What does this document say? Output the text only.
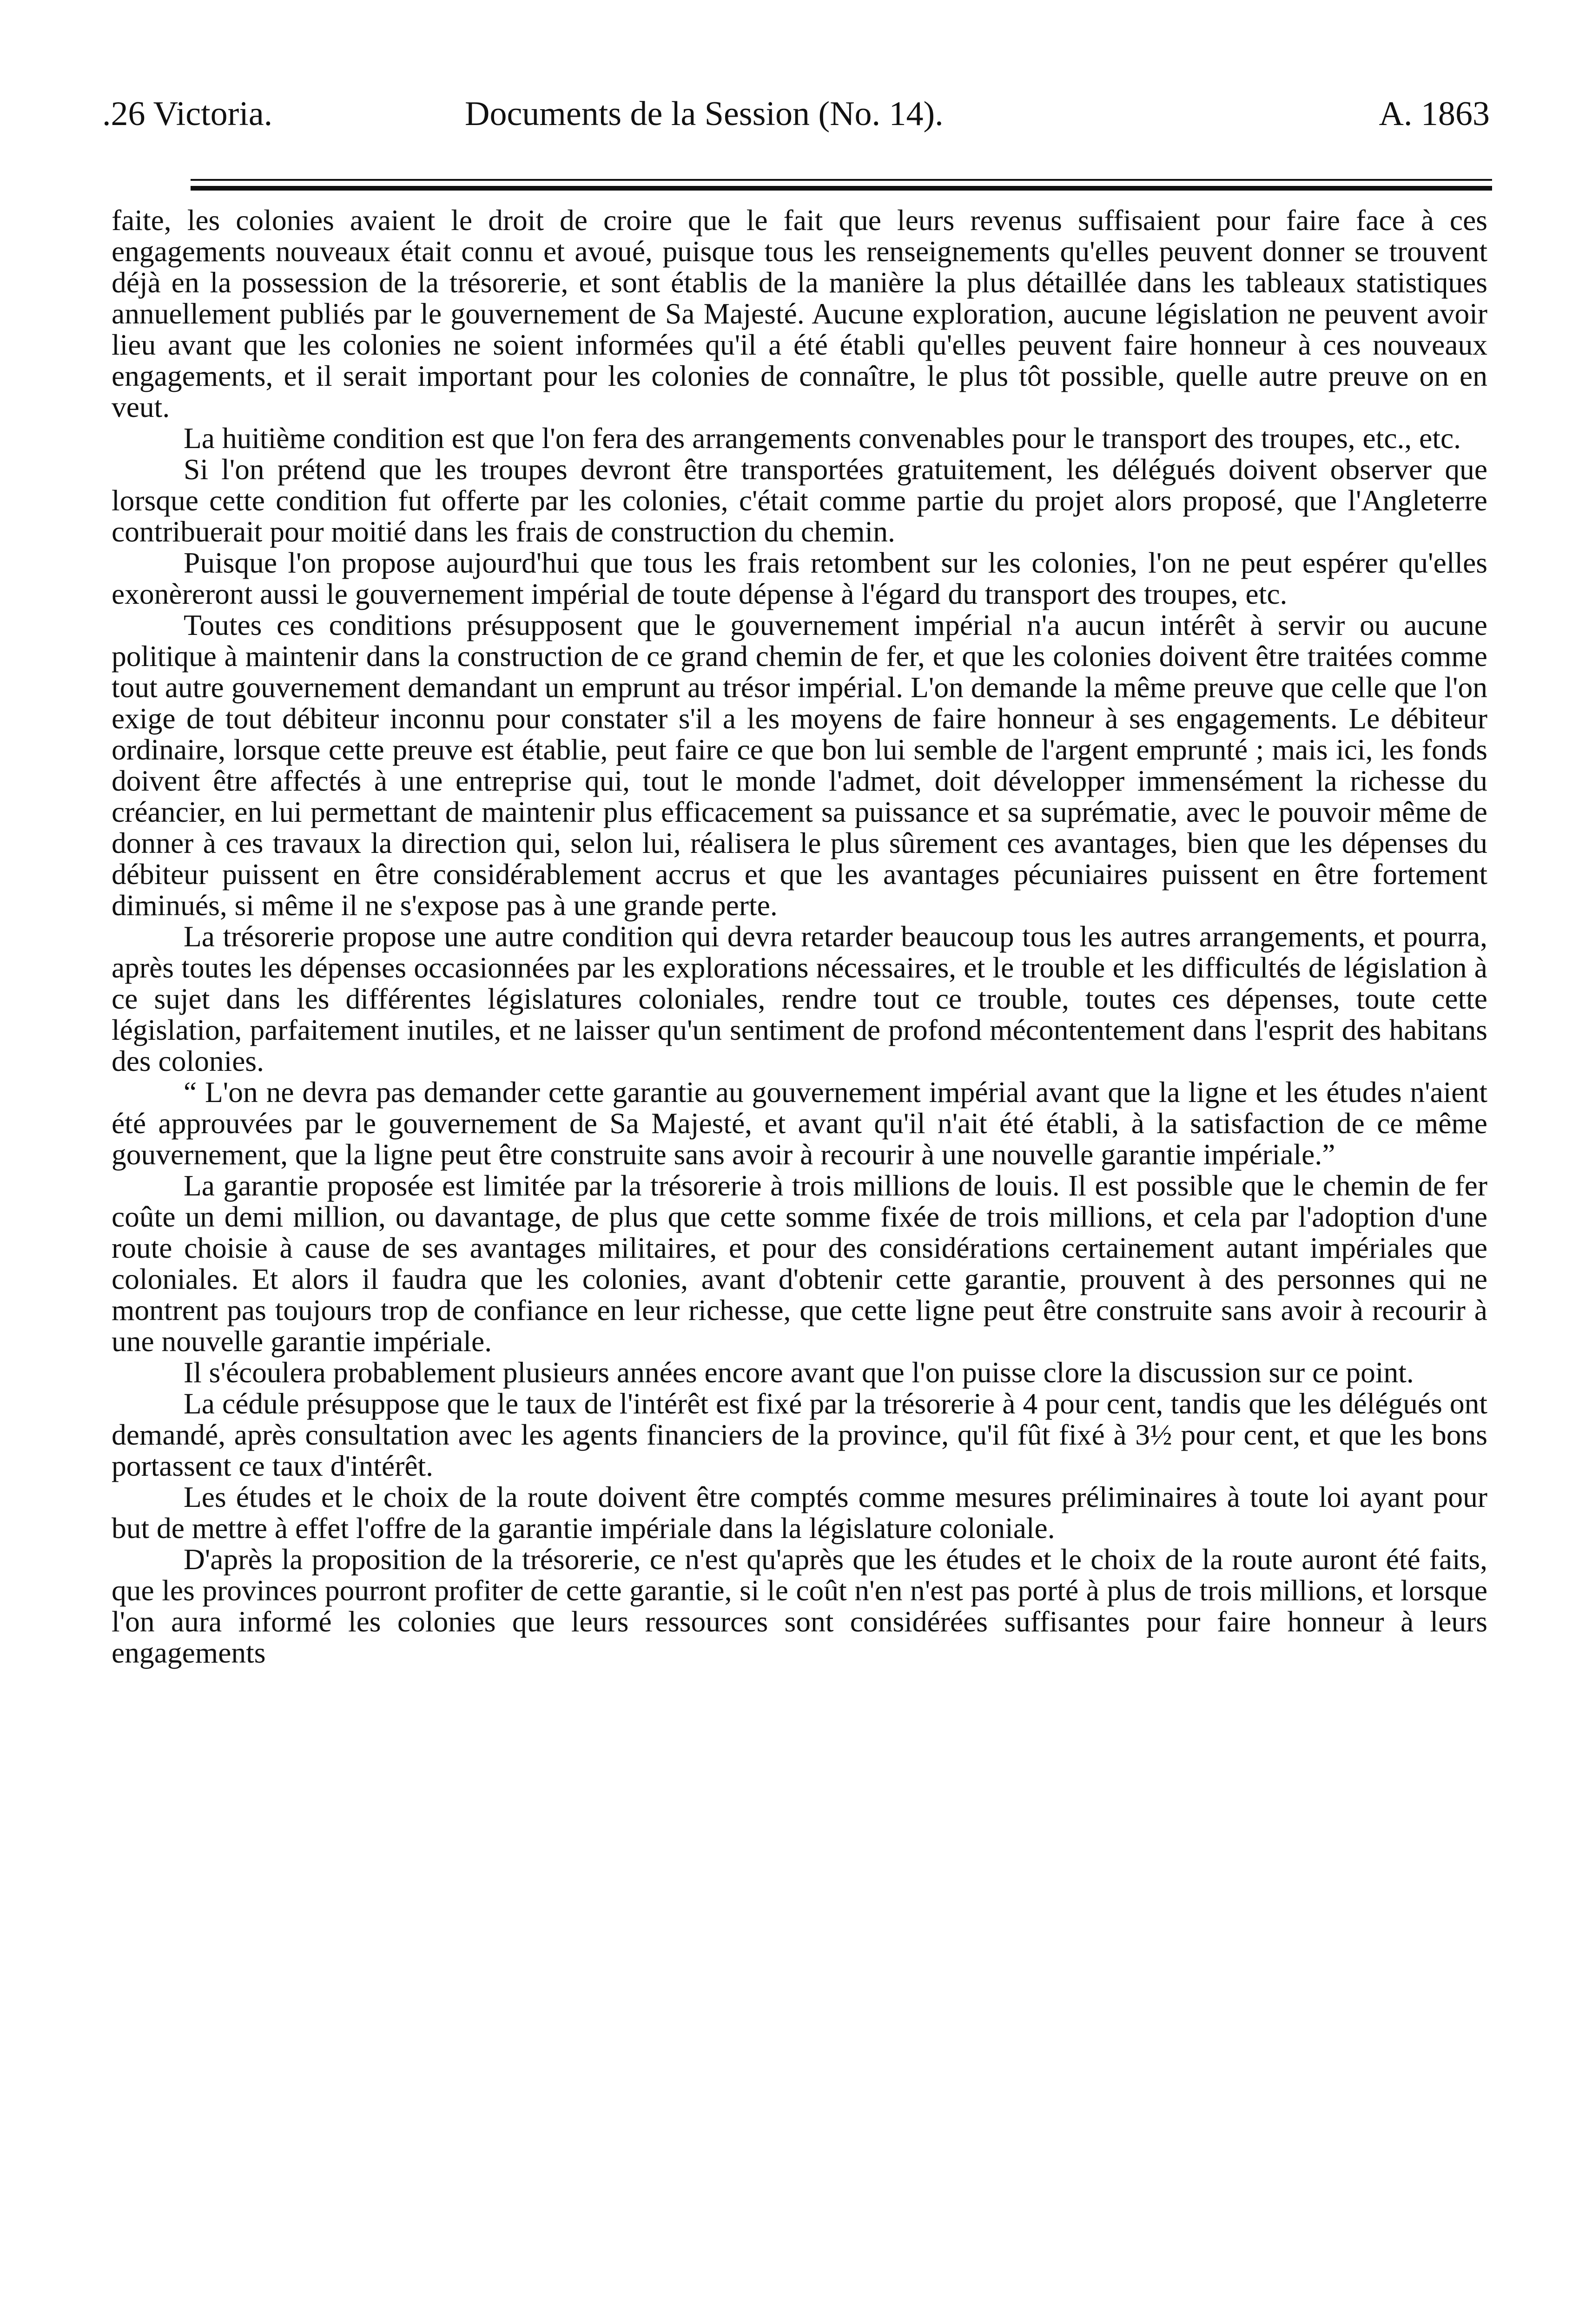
.26 Victoria.	Documents de la Session (No. 14).	A. 1863

faite, les colonies avaient le droit de croire que le fait que leurs revenus suffisaient pour faire face à ces engagements nouveaux était connu et avoué, puisque tous les renseignements qu'elles peuvent donner se trouvent déjà en la possession de la trésorerie, et sont établis de la manière la plus détaillée dans les tableaux statistiques annuellement publiés par le gouvernement de Sa Majesté. Aucune exploration, aucune législation ne peuvent avoir lieu avant que les colonies ne soient informées qu'il a été établi qu'elles peuvent faire honneur à ces nouveaux engagements, et il serait important pour les colonies de connaître, le plus tôt possible, quelle autre preuve on en veut.

La huitième condition est que l'on fera des arrangements convenables pour le transport des troupes, etc., etc.

Si l'on prétend que les troupes devront être transportées gratuitement, les délégués doivent observer que lorsque cette condition fut offerte par les colonies, c'était comme partie du projet alors proposé, que l'Angleterre contribuerait pour moitié dans les frais de construction du chemin.

Puisque l'on propose aujourd'hui que tous les frais retombent sur les colonies, l'on ne peut espérer qu'elles exonèreront aussi le gouvernement impérial de toute dépense à l'égard du transport des troupes, etc.

Toutes ces conditions présupposent que le gouvernement impérial n'a aucun intérêt à servir ou aucune politique à maintenir dans la construction de ce grand chemin de fer, et que les colonies doivent être traitées comme tout autre gouvernement demandant un emprunt au trésor impérial. L'on demande la même preuve que celle que l'on exige de tout débiteur inconnu pour constater s'il a les moyens de faire honneur à ses engagements. Le débiteur ordinaire, lorsque cette preuve est établie, peut faire ce que bon lui semble de l'argent emprunté ; mais ici, les fonds doivent être affectés à une entreprise qui, tout le monde l'admet, doit développer immensément la richesse du créancier, en lui permettant de maintenir plus efficacement sa puissance et sa suprématie, avec le pouvoir même de donner à ces travaux la direction qui, selon lui, réalisera le plus sûrement ces avantages, bien que les dépenses du débiteur puissent en être considérablement accrus et que les avantages pécuniaires puissent en être fortement diminués, si même il ne s'expose pas à une grande perte.

La trésorerie propose une autre condition qui devra retarder beaucoup tous les autres arrangements, et pourra, après toutes les dépenses occasionnées par les explorations nécessaires, et le trouble et les difficultés de législation à ce sujet dans les différentes législatures coloniales, rendre tout ce trouble, toutes ces dépenses, toute cette législation, parfaitement inutiles, et ne laisser qu'un sentiment de profond mécontentement dans l'esprit des habitans des colonies.

“ L'on ne devra pas demander cette garantie au gouvernement impérial avant que la ligne et les études n'aient été approuvées par le gouvernement de Sa Majesté, et avant qu'il n'ait été établi, à la satisfaction de ce même gouvernement, que la ligne peut être construite sans avoir à recourir à une nouvelle garantie impériale.”

La garantie proposée est limitée par la trésorerie à trois millions de louis. Il est possible que le chemin de fer coûte un demi million, ou davantage, de plus que cette somme fixée de trois millions, et cela par l'adoption d'une route choisie à cause de ses avantages militaires, et pour des considérations certainement autant impériales que coloniales. Et alors il faudra que les colonies, avant d'obtenir cette garantie, prouvent à des personnes qui ne montrent pas toujours trop de confiance en leur richesse, que cette ligne peut être construite sans avoir à recourir à une nouvelle garantie impériale.

Il s'écoulera probablement plusieurs années encore avant que l'on puisse clore la discussion sur ce point.

La cédule présuppose que le taux de l'intérêt est fixé par la trésorerie à 4 pour cent, tandis que les délégués ont demandé, après consultation avec les agents financiers de la province, qu'il fût fixé à 3½ pour cent, et que les bons portassent ce taux d'intérêt.

Les études et le choix de la route doivent être comptés comme mesures préliminaires à toute loi ayant pour but de mettre à effet l'offre de la garantie impériale dans la législature coloniale.

D'après la proposition de la trésorerie, ce n'est qu'après que les études et le choix de la route auront été faits, que les provinces pourront profiter de cette garantie, si le coût n'en n'est pas porté à plus de trois millions, et lorsque l'on aura informé les colonies que leurs ressources sont considérées suffisantes pour faire honneur à leurs engagements
